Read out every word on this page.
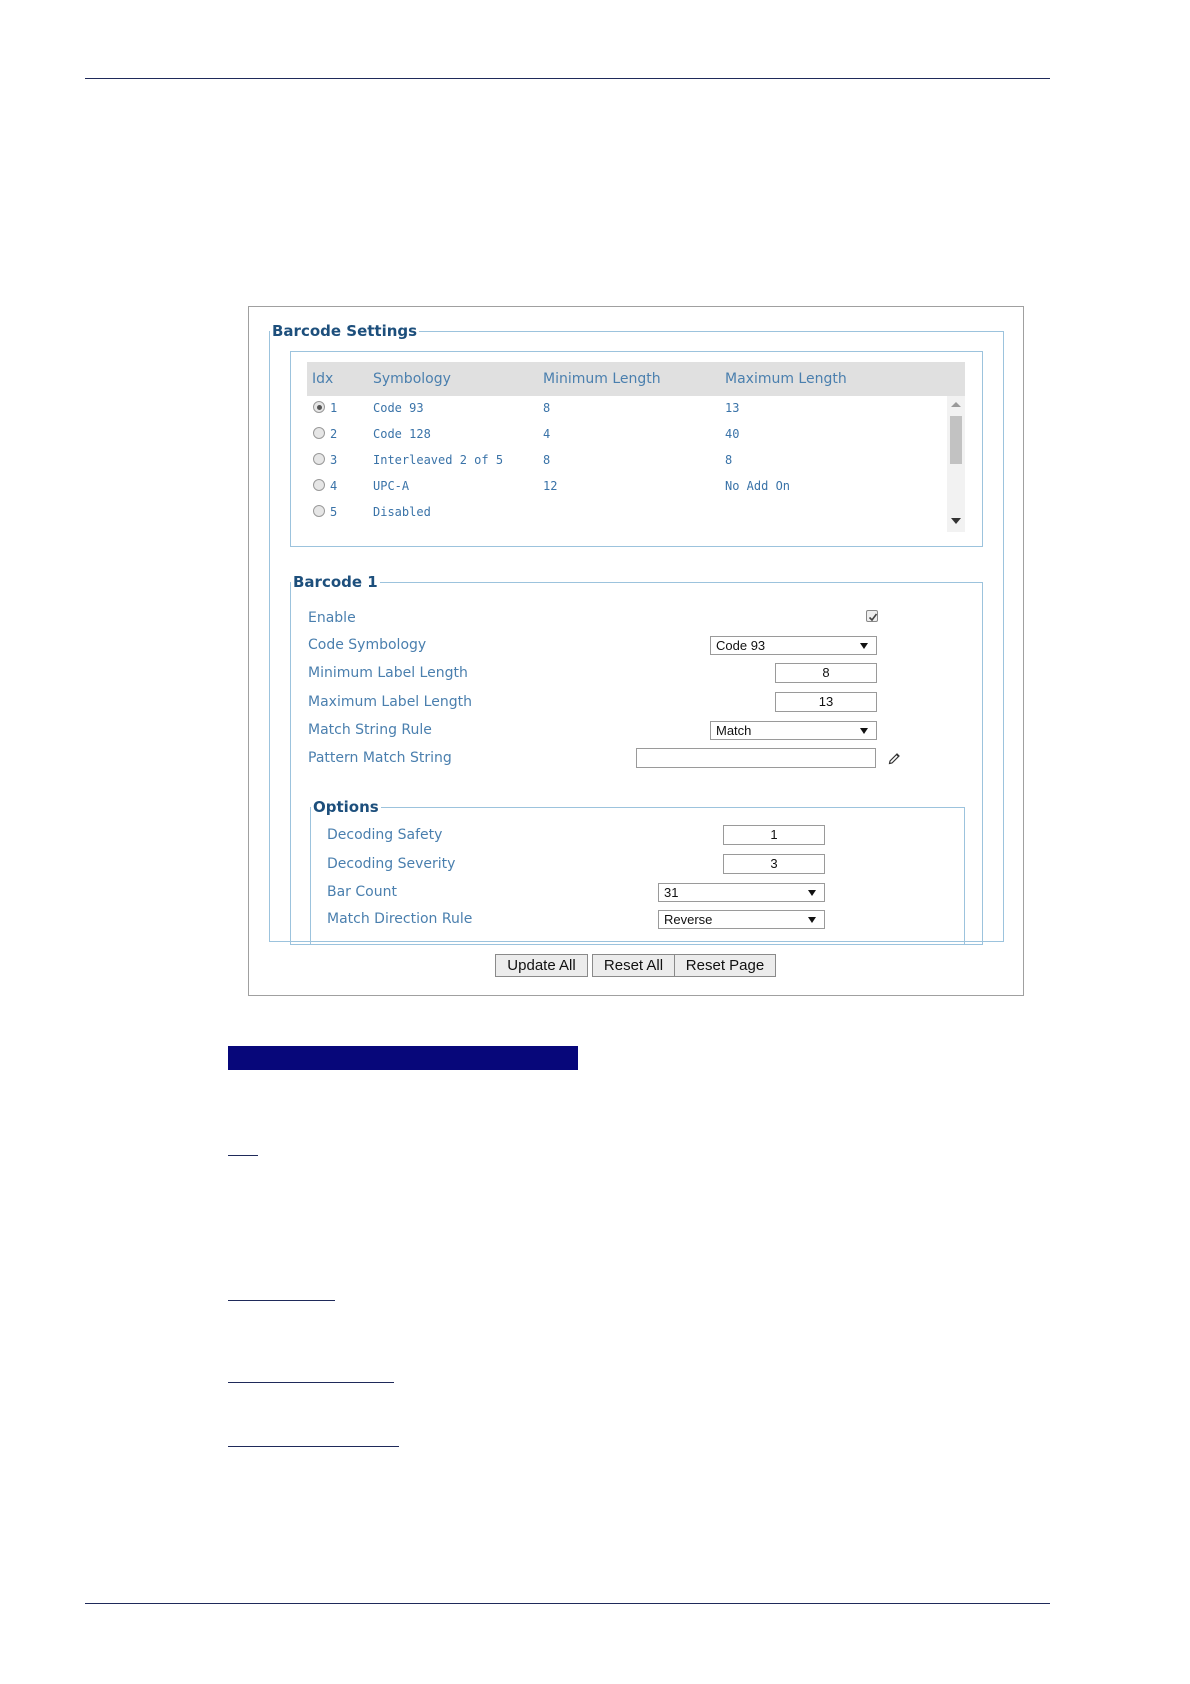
Barcode Settings
Idx	Symbology	Minimum Length	Maximum Length
1	Code 93	8	13
2	Code 128	4	40
3	Interleaved 2 of 5	8	8
4	UPC-A	12	No Add On
5	Disabled
Barcode 1
Enable
Code Symbology	Code 93
Minimum Label Length	8
Maximum Label Length	13
Match String Rule	Match
Pattern Match String
Options
Decoding Safety	1
Decoding Severity	3
Bar Count	31
Match Direction Rule	Reverse
Update All	Reset All	Reset Page
